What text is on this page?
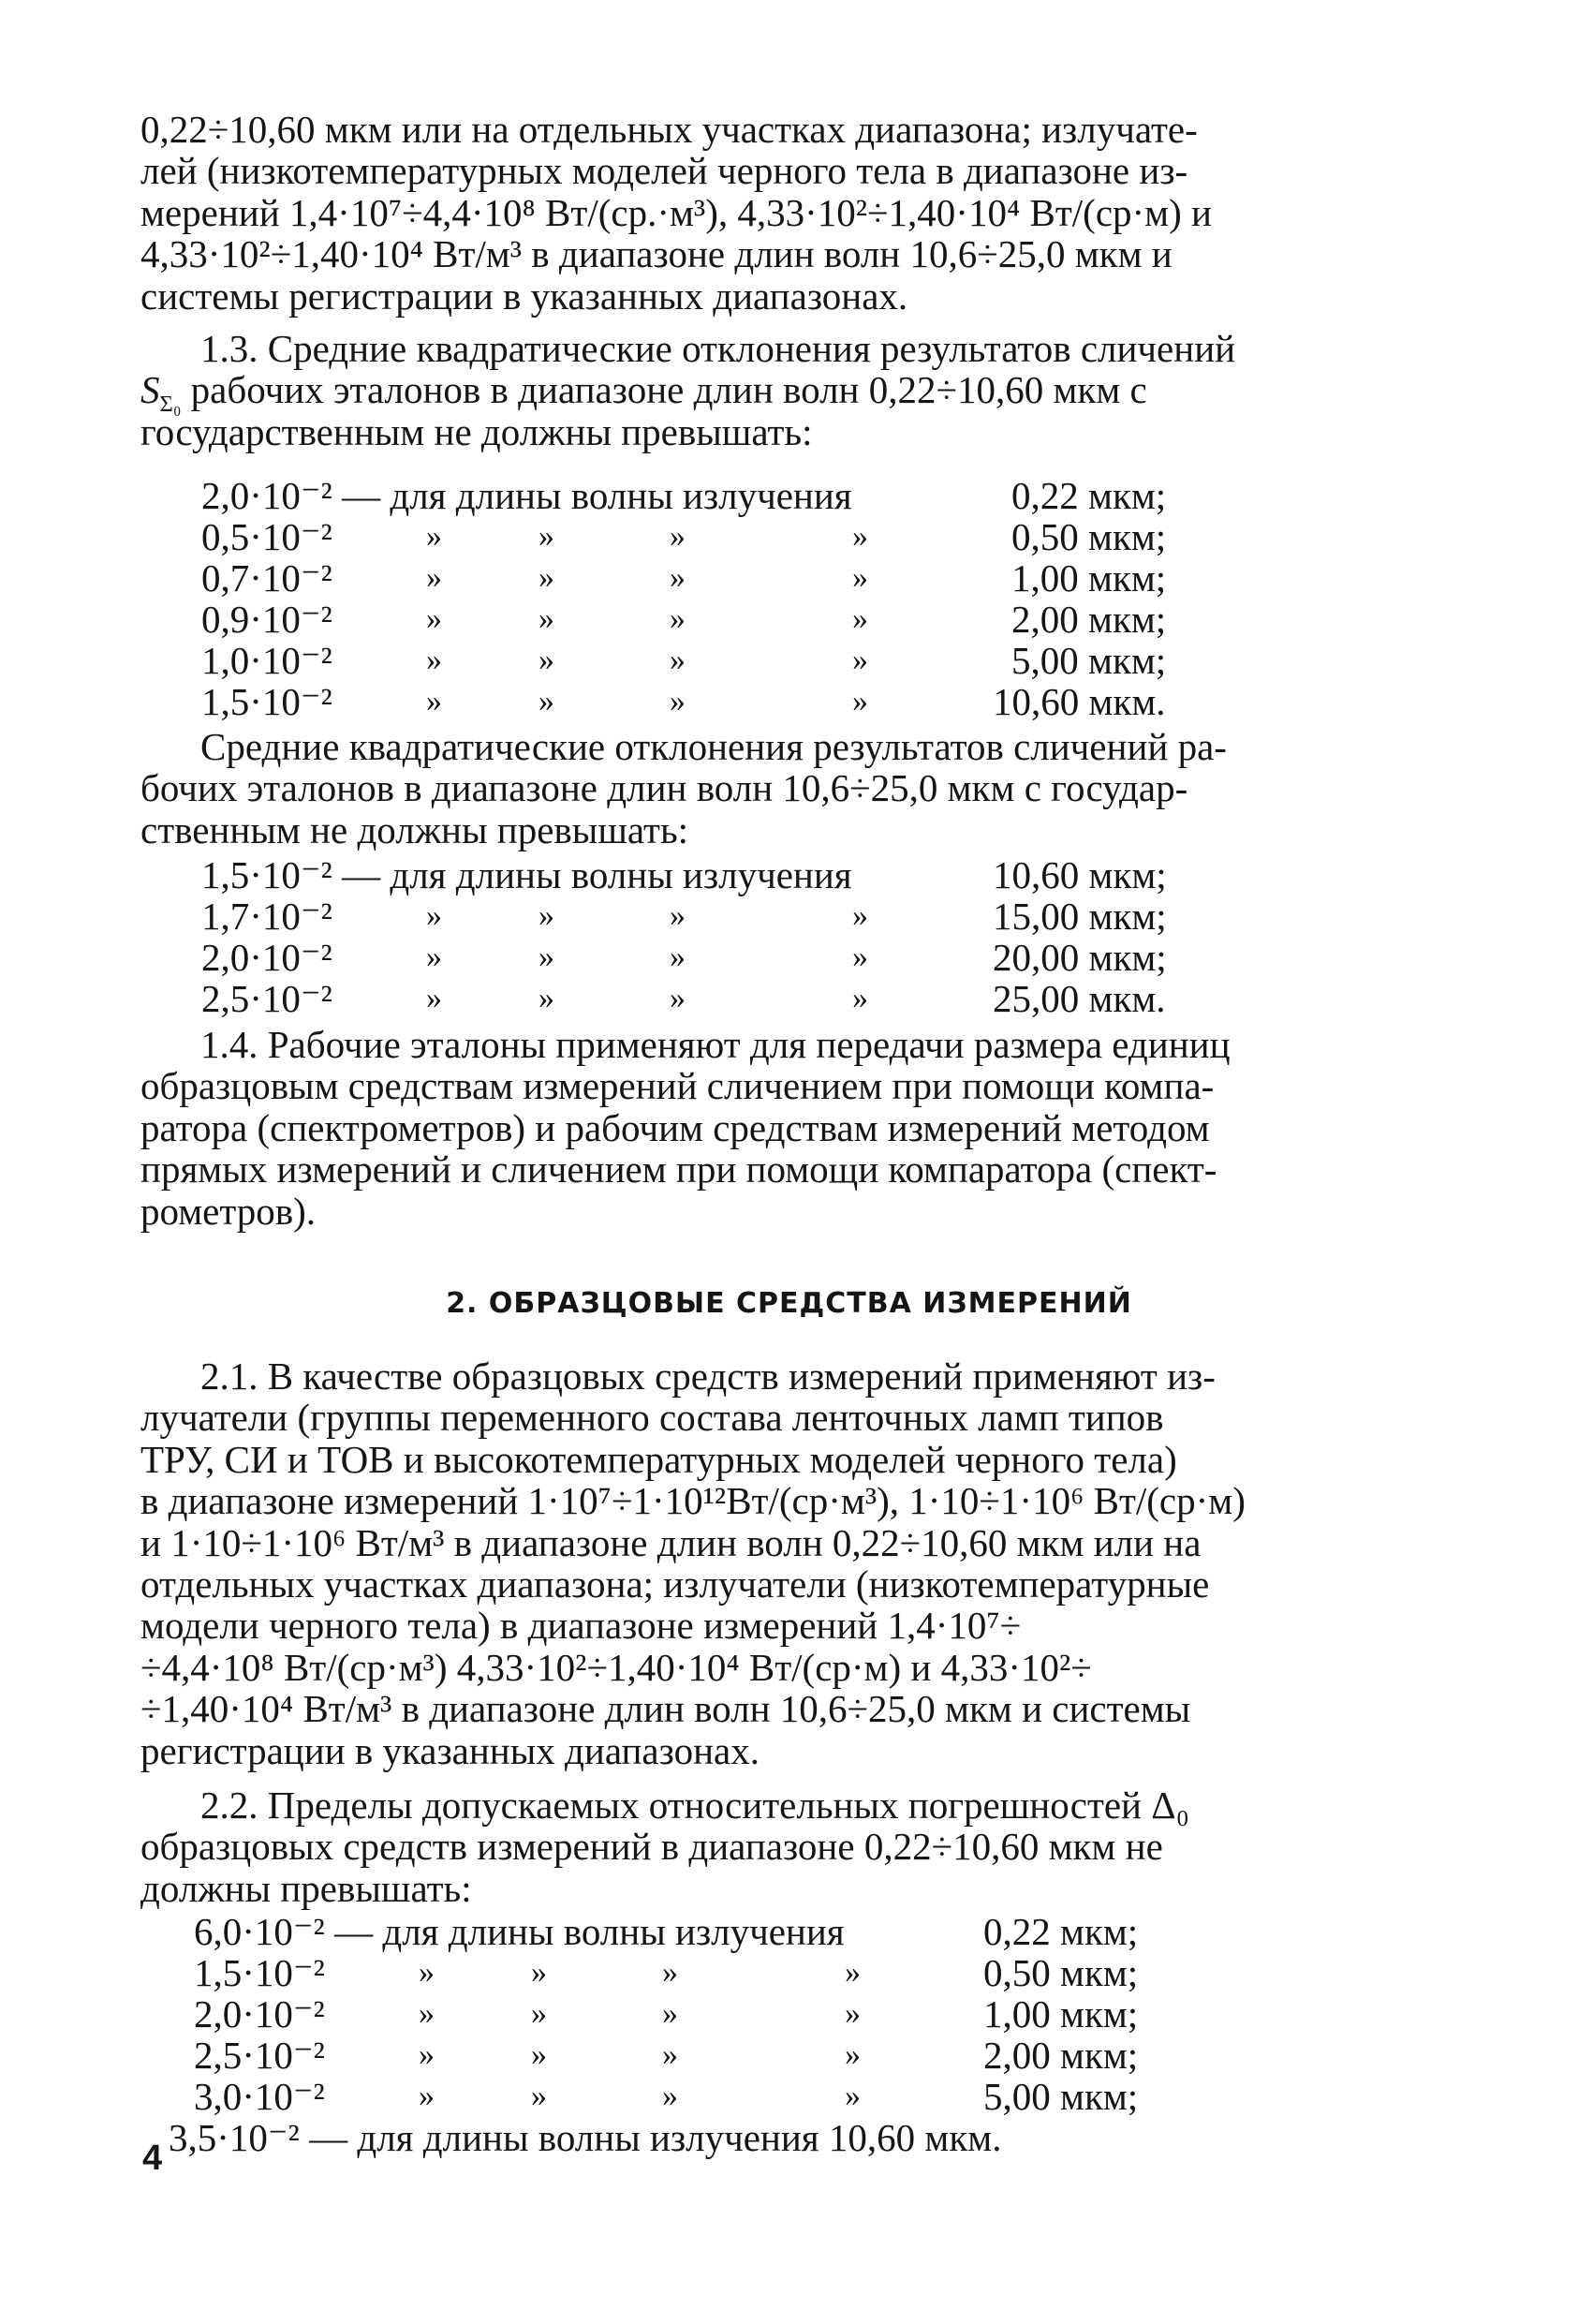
0,22÷10,60 мкм или на отдельных участках диапазона; излучате-
лей (низкотемпературных моделей черного тела в диапазоне из-
мерений 1,4·10⁷÷4,4·10⁸ Вт/(ср.·м³), 4,33·10²÷1,40·10⁴ Вт/(ср·м) и
4,33·10²÷1,40·10⁴ Вт/м³ в диапазоне длин волн 10,6÷25,0 мкм и
системы регистрации в указанных диапазонах.
1.3. Средние квадратические отклонения результатов сличений
$S_{\Sigma_0}$ рабочих эталонов в диапазоне длин волн 0,22÷10,60 мкм с
государственным не должны превышать:
2,0·10⁻² — для длины волны излучения	0,22 мкм;
0,5·10⁻²	»	»	»	»	0,50 мкм;
0,7·10⁻²	»	»	»	»	1,00 мкм;
0,9·10⁻²	»	»	»	»	2,00 мкм;
1,0·10⁻²	»	»	»	»	5,00 мкм;
1,5·10⁻²	»	»	»	»	10,60 мкм.
Средние квадратические отклонения результатов сличений ра-
бочих эталонов в диапазоне длин волн 10,6÷25,0 мкм с государ-
ственным не должны превышать:
1,5·10⁻² — для длины волны излучения	10,60 мкм;
1,7·10⁻²	»	»	»	»	15,00 мкм;
2,0·10⁻²	»	»	»	»	20,00 мкм;
2,5·10⁻²	»	»	»	»	25,00 мкм.
1.4. Рабочие эталоны применяют для передачи размера единиц
образцовым средствам измерений сличением при помощи компа-
ратора (спектрометров) и рабочим средствам измерений методом
прямых измерений и сличением при помощи компаратора (спект-
рометров).
2. ОБРАЗЦОВЫЕ СРЕДСТВА ИЗМЕРЕНИЙ
2.1. В качестве образцовых средств измерений применяют из-
лучатели (группы переменного состава ленточных ламп типов
ТРУ, СИ и ТОВ и высокотемпературных моделей черного тела)
в диапазоне измерений 1·10⁷÷1·10¹²Вт/(ср·м³), 1·10÷1·10⁶ Вт/(ср·м)
и 1·10÷1·10⁶ Вт/м³ в диапазоне длин волн 0,22÷10,60 мкм или на
отдельных участках диапазона; излучатели (низкотемпературные
модели черного тела) в диапазоне измерений 1,4·10⁷÷
÷4,4·10⁸ Вт/(ср·м³) 4,33·10²÷1,40·10⁴ Вт/(ср·м) и 4,33·10²÷
÷1,40·10⁴ Вт/м³ в диапазоне длин волн 10,6÷25,0 мкм и системы
регистрации в указанных диапазонах.
2.2. Пределы допускаемых относительных погрешностей Δ₀
образцовых средств измерений в диапазоне 0,22÷10,60 мкм не
должны превышать:
6,0·10⁻² — для длины волны излучения	0,22 мкм;
1,5·10⁻²	»	»	»	»	0,50 мкм;
2,0·10⁻²	»	»	»	»	1,00 мкм;
2,5·10⁻²	»	»	»	»	2,00 мкм;
3,0·10⁻²	»	»	»	»	5,00 мкм;
3,5·10⁻² — для длины волны излучения 10,60 мкм.
4
